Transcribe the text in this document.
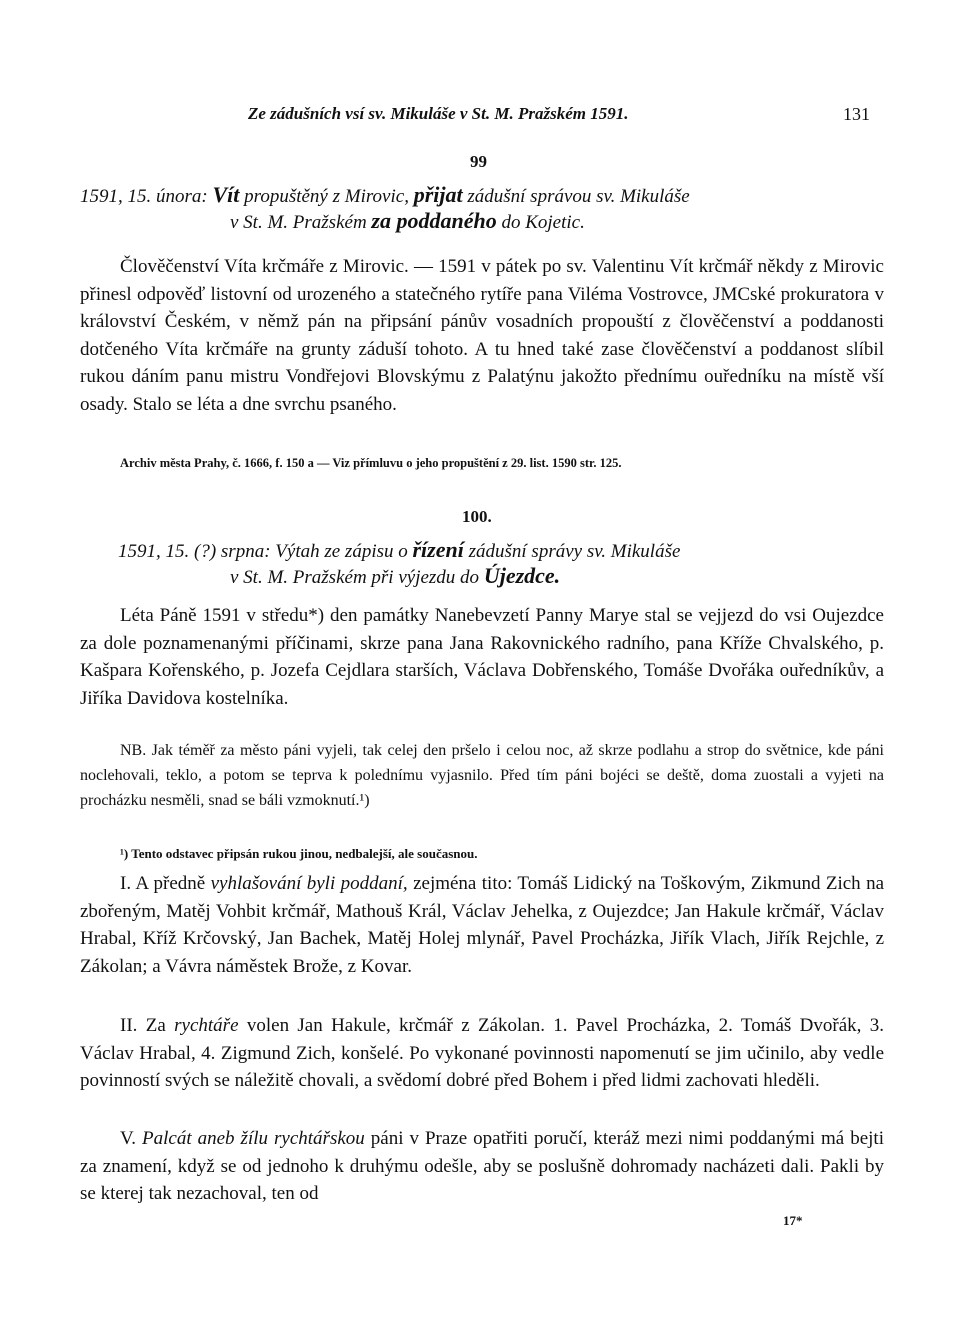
Ze zádušních vsí sv. Mikuláše v St. M. Pražském 1591.	131
99
1591, 15. února: Vít propuštěný z Mirovic, přijat zádušní správou sv. Mikuláše
v St. M. Pražském za poddaného do Kojetic.
Člověčenství Víta krčmáře z Mirovic. — 1591 v pátek po sv. Valentinu Vít krčmář někdy z Mirovic přinesl odpověď listovní od urozeného a statečného rytíře pana Viléma Vostrovce, JMCské prokuratora v království Českém, v němž pán na připsání pánův vosadních propouští z člověčenství a poddanosti dotčeného Víta krčmáře na grunty záduší tohoto. A tu hned také zase člověčenství a poddanost slíbil rukou dáním panu mistru Vondřejovi Blovskýmu z Palatýnu jakožto přednímu ouředníku na místě vší osady. Stalo se léta a dne svrchu psaného.
Archiv města Prahy, č. 1666, f. 150 a — Viz přímluvu o jeho propuštění z 29. list. 1590 str. 125.
100.
1591, 15. (?) srpna: Výtah ze zápisu o řízení zádušní správy sv. Mikuláše
v St. M. Pražském při výjezdu do Újezdce.
Léta Páně 1591 v středu*) den památky Nanebevzetí Panny Marye stal se vejjezd do vsi Oujezdce za dole poznamenanými příčinami, skrze pana Jana Rakovnického radního, pana Kříže Chvalského, p. Kašpara Kořenského, p. Jozefa Cejdlara starších, Václava Dobřenského, Tomáše Dvořáka ouředníkův, a Jiříka Davidova kostelníka.
NB. Jak téměř za město páni vyjeli, tak celej den pršelo i celou noc, až skrze podlahu a strop do světnice, kde páni noclehovali, teklo, a potom se teprva k polednímu vyjasnilo. Před tím páni bojéci se deště, doma zuostali a vyjeti na procházku nesměli, snad se báli vzmoknutí.¹)
¹) Tento odstavec připsán rukou jinou, nedbalejší, ale současnou.
I. A předně vyhlašování byli poddaní, zejména tito: Tomáš Lidický na Toškovým, Zikmund Zich na zbořeným, Matěj Vohbit krčmář, Mathouš Král, Václav Jehelka, z Oujezdce; Jan Hakule krčmář, Václav Hrabal, Kříž Krčovský, Jan Bachek, Matěj Holej mlynář, Pavel Procházka, Jiřík Vlach, Jiřík Rejchle, z Zákolan; a Vávra náměstek Brože, z Kovar.
II. Za rychtáře volen Jan Hakule, krčmář z Zákolan. 1. Pavel Procházka, 2. Tomáš Dvořák, 3. Václav Hrabal, 4. Zigmund Zich, konšelé. Po vykonané povinnosti napomenutí se jim učinilo, aby vedle povinností svých se náležitě chovali, a svědomí dobré před Bohem i před lidmi zachovati hleděli.
V. Palcát aneb žílu rychtářskou páni v Praze opatřiti poručí, kteráž mezi nimi poddanými má bejti za znamení, když se od jednoho k druhýmu odešle, aby se poslušně dohromady nacházeti dali. Pakli by se kterej tak nezachoval, ten od
17*
